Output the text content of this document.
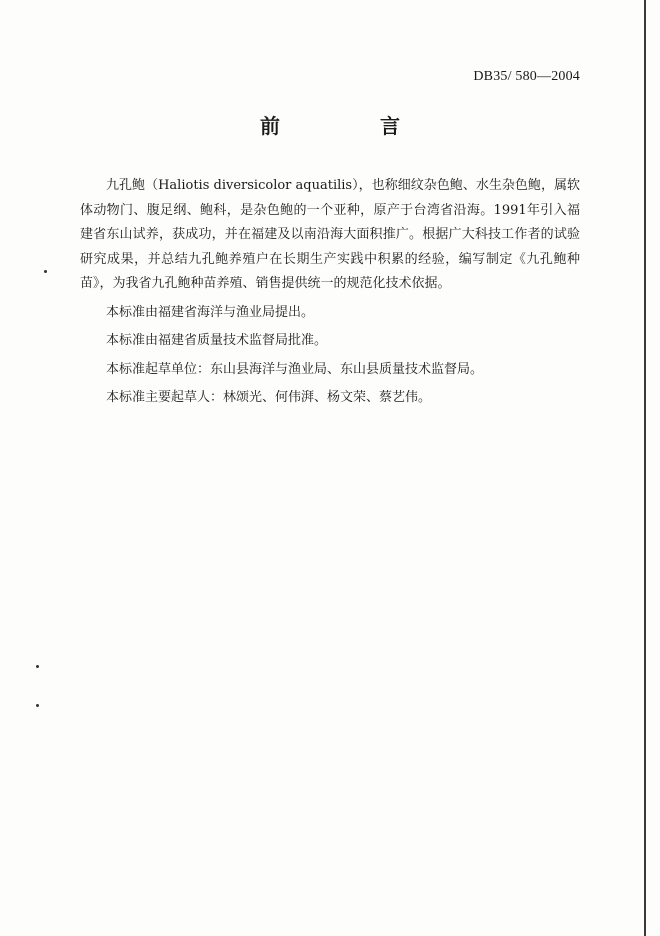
DB35/ 580—2004
前　言

九孔鲍（Haliotis diversicolor aquatilis），也称细纹杂色鲍、水生杂色鲍，属软体动物门、腹足纲、鲍科，是杂色鲍的一个亚种，原产于台湾省沿海。1991年引入福建省东山试养，获成功，并在福建及以南沿海大面积推广。根据广大科技工作者的试验研究成果，并总结九孔鲍养殖户在长期生产实践中积累的经验，编写制定《九孔鲍种苗》，为我省九孔鲍种苗养殖、销售提供统一的规范化技术依据。

本标准由福建省海洋与渔业局提出。

本标准由福建省质量技术监督局批准。

本标准起草单位：东山县海洋与渔业局、东山县质量技术监督局。

本标准主要起草人：林颂光、何伟湃、杨文荣、蔡艺伟。
